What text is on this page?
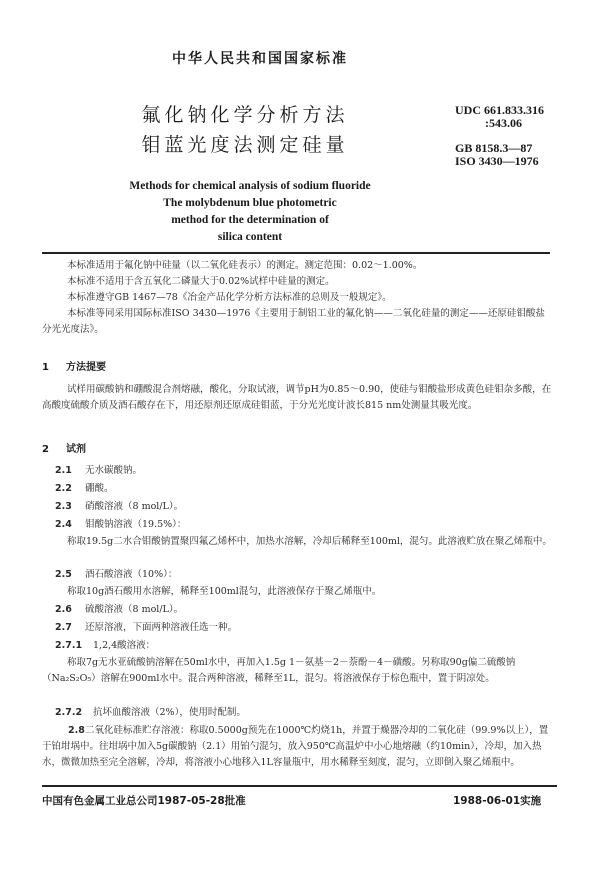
中华人民共和国国家标准
氟化钠化学分析方法
钼蓝光度法测定硅量
UDC 661.833.316
:543.06
GB 8158.3—87
ISO 3430—1976
Methods for chemical analysis of sodium fluoride
The molybdenum blue photometric
method for the determination of
silica content
本标准适用于氟化钠中硅量（以二氧化硅表示）的测定。测定范围：0.02～1.00%。
本标准不适用于含五氧化二磷量大于0.02%试样中硅量的测定。
本标准遵守GB 1467—78《冶金产品化学分析方法标准的总则及一般规定》。
本标准等同采用国际标准ISO 3430—1976《主要用于制铝工业的氟化钠——二氧化硅量的测定——还原硅钼酸盐分光光度法》。
1 方法提要
试样用碳酸钠和硼酸混合剂熔融，酸化，分取试液，调节pH为0.85～0.90，使硅与钼酸盐形成黄色硅钼杂多酸，在高酸度硫酸介质及酒石酸存在下，用还原剂还原成硅钼蓝，于分光光度计波长815 nm处测量其吸光度。
2 试剂
2.1 无水碳酸钠。
2.2 硼酸。
2.3 硝酸溶液（8 mol/L）。
2.4 钼酸钠溶液（19.5%）：
称取19.5g二水合钼酸钠置聚四氟乙烯杯中，加热水溶解，冷却后稀释至100ml，混匀。此溶液贮放在聚乙烯瓶中。
2.5 酒石酸溶液（10%）：
称取10g酒石酸用水溶解，稀释至100ml混匀，此溶液保存于聚乙烯瓶中。
2.6 硫酸溶液（8 mol/L）。
2.7 还原溶液，下面两种溶液任选一种。
2.7.1 1,2,4酸溶液：
称取7g无水亚硫酸钠溶解在50ml水中，再加入1.5g 1－氨基－2－萘酚－4－磺酸。另称取90g偏二硫酸钠（Na₂S₂O₅）溶解在900ml水中。混合两种溶液，稀释至1L，混匀。将溶液保存于棕色瓶中，置于阴凉处。
2.7.2 抗坏血酸溶液（2%），使用时配制。
2.8二氧化硅标准贮存溶液：称取0.5000g预先在1000℃灼烧1h，并置于燥器冷却的二氧化硅（99.9%以上），置于铂坩埚中。往坩埚中加入5g碳酸钠（2.1）用铂勺混匀，放入950℃高温炉中小心地熔融（约10min），冷却，加入热水，微微加热至完全溶解，冷却，将溶液小心地移入1L容量瓶中，用水稀释至刻度，混匀，立即倒入聚乙烯瓶中。
中国有色金属工业总公司1987-05-28批准	1988-06-01实施
